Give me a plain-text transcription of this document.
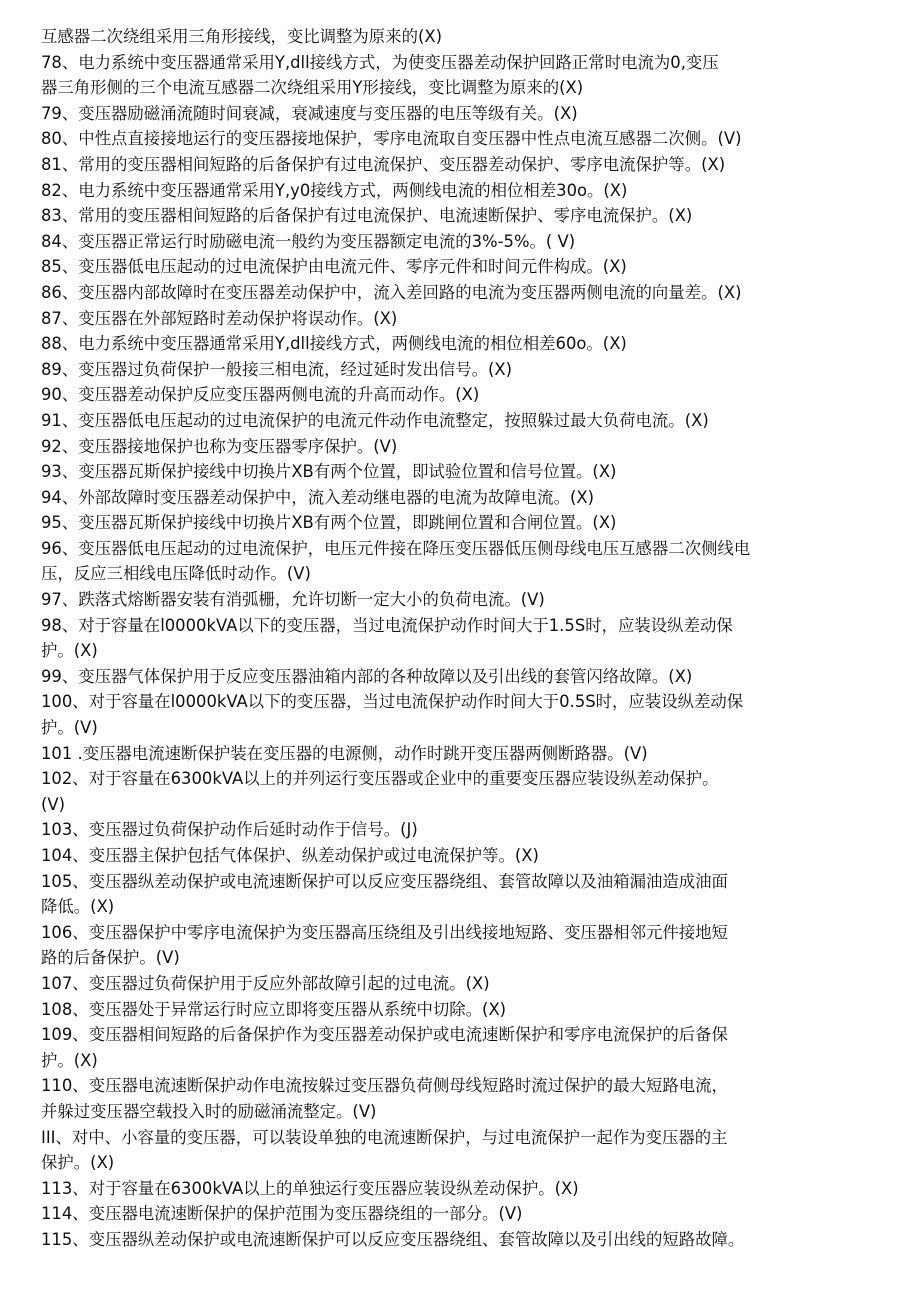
互感器二次绕组采用三角形接线，变比调整为原来的(X)
78、电力系统中变压器通常采用Y,dll接线方式，为使变压器差动保护回路正常时电流为0,变压
器三角形侧的三个电流互感器二次绕组采用Y形接线，变比调整为原来的(X)
79、变压器励磁涌流随时间衰减，衰减速度与变压器的电压等级有关。(X)
80、中性点直接接地运行的变压器接地保护，零序电流取自变压器中性点电流互感器二次侧。(V)
81、常用的变压器相间短路的后备保护有过电流保护、变压器差动保护、零序电流保护等。(X)
82、电力系统中变压器通常采用Y,y0接线方式，两侧线电流的相位相差30o。(X)
83、常用的变压器相间短路的后备保护有过电流保护、电流速断保护、零序电流保护。(X)
84、变压器正常运行时励磁电流一般约为变压器额定电流的3%-5%。( V)
85、变压器低电压起动的过电流保护由电流元件、零序元件和时间元件构成。(X)
86、变压器内部故障时在变压器差动保护中，流入差回路的电流为变压器两侧电流的向量差。(X)
87、变压器在外部短路时差动保护将误动作。(X)
88、电力系统中变压器通常采用Y,dll接线方式，两侧线电流的相位相差60o。(X)
89、变压器过负荷保护一般接三相电流，经过延时发出信号。(X)
90、变压器差动保护反应变压器两侧电流的升高而动作。(X)
91、变压器低电压起动的过电流保护的电流元件动作电流整定，按照躲过最大负荷电流。(X)
92、变压器接地保护也称为变压器零序保护。(V)
93、变压器瓦斯保护接线中切换片XB有两个位置，即试验位置和信号位置。(X)
94、外部故障时变压器差动保护中，流入差动继电器的电流为故障电流。(X)
95、变压器瓦斯保护接线中切换片XB有两个位置，即跳闸位置和合闸位置。(X)
96、变压器低电压起动的过电流保护，电压元件接在降压变压器低压侧母线电压互感器二次侧线电
压，反应三相线电压降低时动作。(V)
97、跌落式熔断器安装有消弧栅，允许切断一定大小的负荷电流。(V)
98、对于容量在l0000kVA以下的变压器，当过电流保护动作时间大于1.5S时，应装设纵差动保
护。(X)
99、变压器气体保护用于反应变压器油箱内部的各种故障以及引出线的套管闪络故障。(X)
100、对于容量在l0000kVA以下的变压器，当过电流保护动作时间大于0.5S时，应装设纵差动保
护。(V)
101 .变压器电流速断保护装在变压器的电源侧，动作时跳开变压器两侧断路器。(V)
102、对于容量在6300kVA以上的并列运行变压器或企业中的重要变压器应装设纵差动保护。
(V)
103、变压器过负荷保护动作后延时动作于信号。(J)
104、变压器主保护包括气体保护、纵差动保护或过电流保护等。(X)
105、变压器纵差动保护或电流速断保护可以反应变压器绕组、套管故障以及油箱漏油造成油面
降低。(X)
106、变压器保护中零序电流保护为变压器高压绕组及引出线接地短路、变压器相邻元件接地短
路的后备保护。(V)
107、变压器过负荷保护用于反应外部故障引起的过电流。(X)
108、变压器处于异常运行时应立即将变压器从系统中切除。(X)
109、变压器相间短路的后备保护作为变压器差动保护或电流速断保护和零序电流保护的后备保
护。(X)
110、变压器电流速断保护动作电流按躲过变压器负荷侧母线短路时流过保护的最大短路电流，
并躲过变压器空载投入时的励磁涌流整定。(V)
III、对中、小容量的变压器，可以装设单独的电流速断保护，与过电流保护一起作为变压器的主
保护。(X)
113、对于容量在6300kVA以上的单独运行变压器应装设纵差动保护。(X)
114、变压器电流速断保护的保护范围为变压器绕组的一部分。(V)
115、变压器纵差动保护或电流速断保护可以反应变压器绕组、套管故障以及引出线的短路故障。
